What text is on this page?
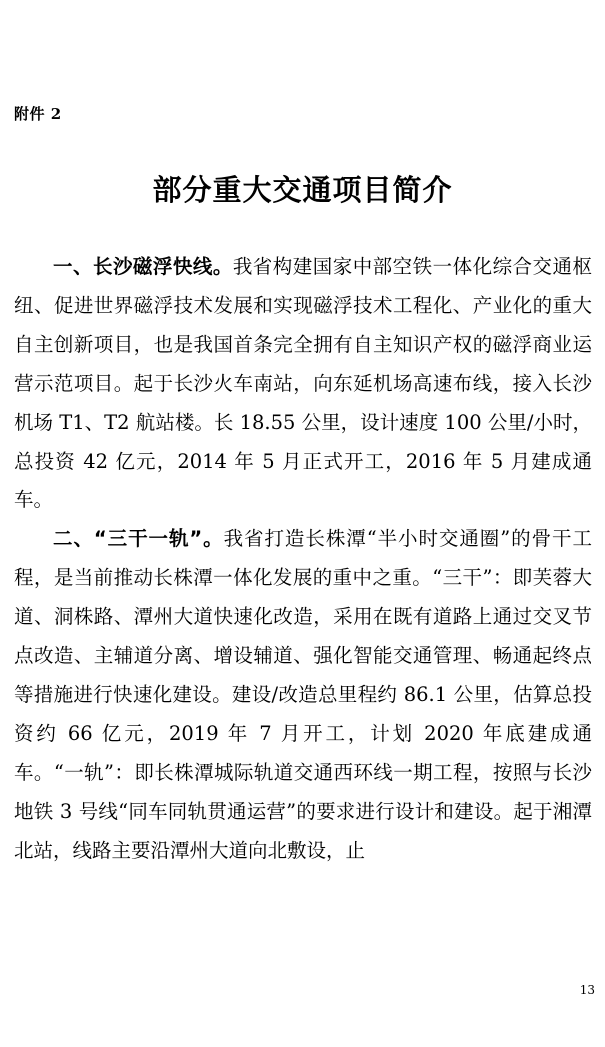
附件 2
部分重大交通项目简介

一、长沙磁浮快线。我省构建国家中部空铁一体化综合交通枢纽、促进世界磁浮技术发展和实现磁浮技术工程化、产业化的重大自主创新项目，也是我国首条完全拥有自主知识产权的磁浮商业运营示范项目。起于长沙火车南站，向东延机场高速布线，接入长沙机场 T1、T2 航站楼。长 18.55 公里，设计速度 100 公里/小时，总投资 42 亿元，2014 年 5 月正式开工，2016 年 5 月建成通车。

二、“三干一轨”。我省打造长株潭“半小时交通圈”的骨干工程，是当前推动长株潭一体化发展的重中之重。“三干”：即芙蓉大道、洞株路、潭州大道快速化改造，采用在既有道路上通过交叉节点改造、主辅道分离、增设辅道、强化智能交通管理、畅通起终点等措施进行快速化建设。建设/改造总里程约 86.1 公里，估算总投资约 66 亿元，2019 年 7 月开工，计划 2020 年底建成通车。“一轨”：即长株潭城际轨道交通西环线一期工程，按照与长沙地铁 3 号线“同车同轨贯通运营”的要求进行设计和建设。起于湘潭北站，线路主要沿潭州大道向北敷设，止

13
